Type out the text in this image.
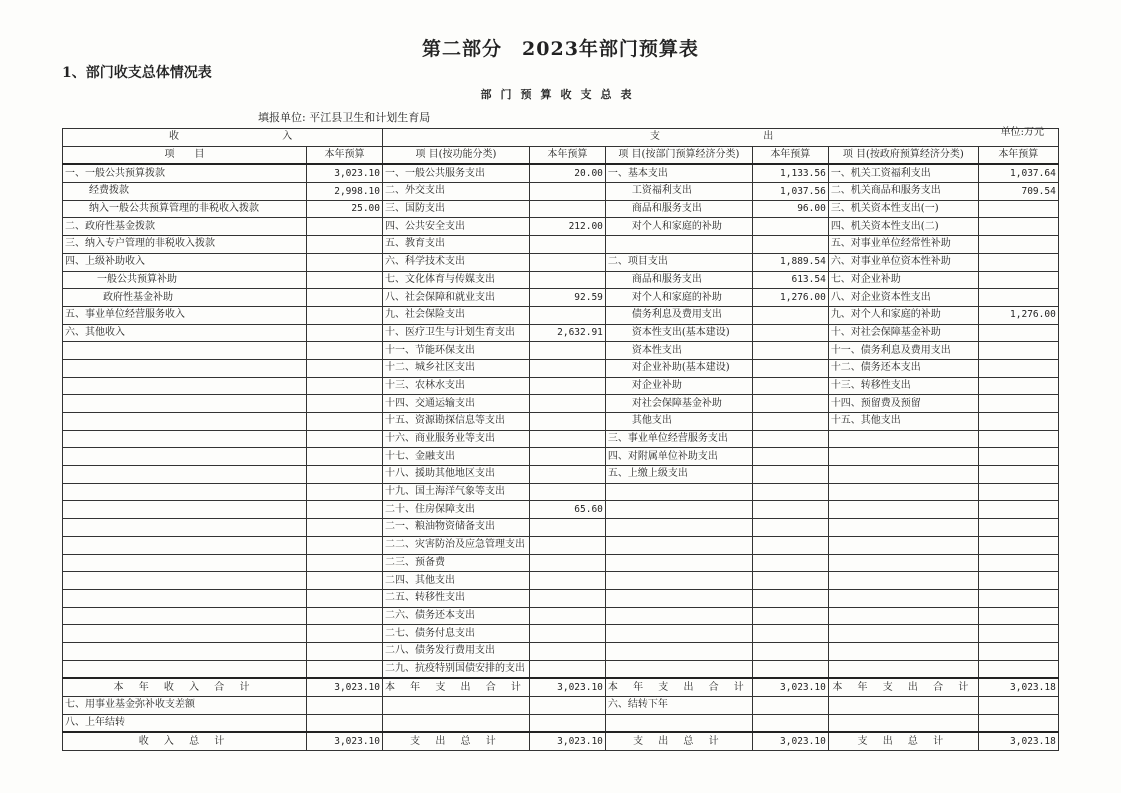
第二部分　2023年部门预算表
1、部门收支总体情况表
部门预算收支总表
填报单位: 平江县卫生和计划生育局
单位:万元
收 入		支 出					
项　　目	本年预算	项 目(按功能分类)	本年预算	项 目(按部门预算经济分类)	本年预算	项 目(按政府预算经济分类)	本年预算
一、一般公共预算拨款	3,023.10	一、一般公共服务支出	20.00	一、基本支出	1,133.56	一、机关工资福利支出	1,037.64
经费拨款	2,998.10	二、外交支出		工资福利支出	1,037.56	二、机关商品和服务支出	709.54
纳入一般公共预算管理的非税收入拨款	25.00	三、国防支出		商品和服务支出	96.00	三、机关资本性支出(一)	
二、政府性基金拨款		四、公共安全支出	212.00	对个人和家庭的补助		四、机关资本性支出(二)	
三、纳入专户管理的非税收入拨款		五、教育支出				五、对事业单位经常性补助	
四、上级补助收入		六、科学技术支出		二、项目支出	1,889.54	六、对事业单位资本性补助	
一般公共预算补助		七、文化体育与传媒支出		商品和服务支出	613.54	七、对企业补助	
政府性基金补助		八、社会保障和就业支出	92.59	对个人和家庭的补助	1,276.00	八、对企业资本性支出	
五、事业单位经营服务收入		九、社会保险支出		债务利息及费用支出		九、对个人和家庭的补助	1,276.00
六、其他收入		十、医疗卫生与计划生育支出	2,632.91	资本性支出(基本建设)		十、对社会保障基金补助	
		十一、节能环保支出		资本性支出		十一、债务利息及费用支出	
		十二、城乡社区支出		对企业补助(基本建设)		十二、债务还本支出	
		十三、农林水支出		对企业补助		十三、转移性支出	
		十四、交通运输支出		对社会保障基金补助		十四、预留费及预留	
		十五、资源勘探信息等支出		其他支出		十五、其他支出	
		十六、商业服务业等支出		三、事业单位经营服务支出			
		十七、金融支出		四、对附属单位补助支出			
		十八、援助其他地区支出		五、上缴上级支出			
		十九、国土海洋气象等支出					
		二十、住房保障支出	65.60				
		二一、粮油物资储备支出					
		二二、灾害防治及应急管理支出					
		二三、预备费					
		二四、其他支出					
		二五、转移性支出					
		二六、债务还本支出					
		二七、债务付息支出					
		二八、债务发行费用支出					
		二九、抗疫特别国债安排的支出					
本 年 收 入 合 计	3,023.10	本 年 支 出 合 计	3,023.10	本 年 支 出 合 计	3,023.10	本 年 支 出 合 计	3,023.18
七、用事业基金弥补收支差额				六、结转下年			
八、上年结转							
收 入 总 计	3,023.10	支 出 总 计	3,023.10	支 出 总 计	3,023.10	支 出 总 计	3,023.18
